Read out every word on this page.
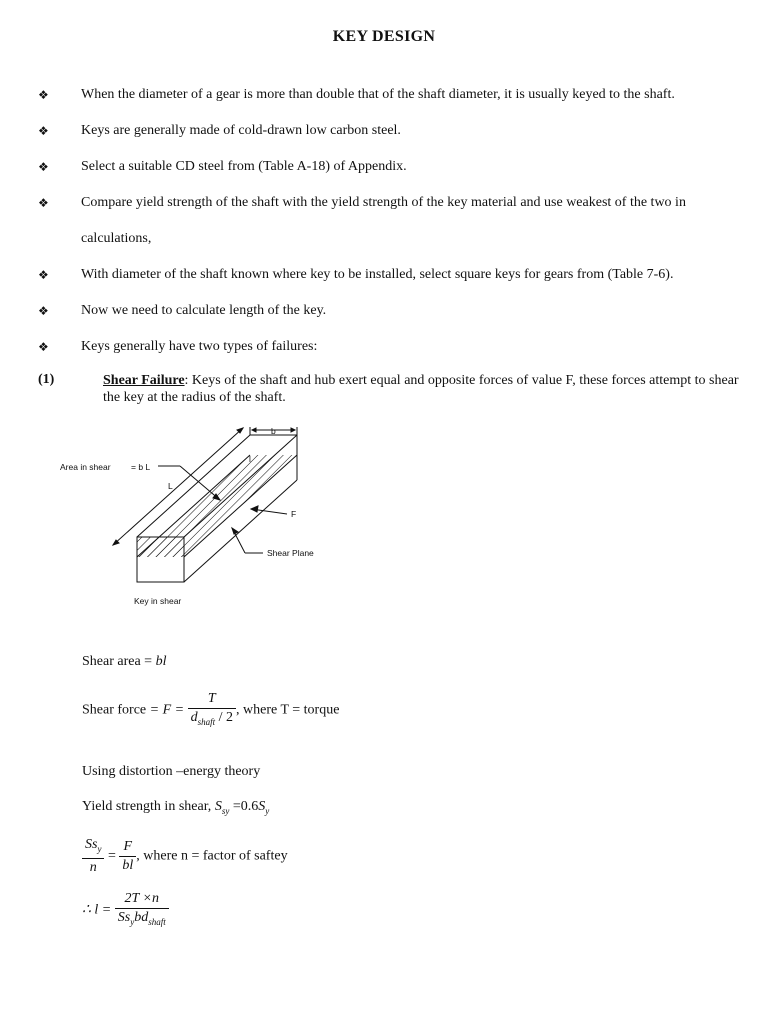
KEY DESIGN
❖	When the diameter of a gear is more than double that of the shaft diameter, it is usually keyed to the shaft.
❖	Keys are generally made of cold-drawn low carbon steel.
❖	Select a suitable CD steel from (Table A-18) of Appendix.
❖	Compare yield strength of the shaft with the yield strength of the key material and use weakest of the two in calculations,
❖	With diameter of the shaft known where key to be installed, select square keys for gears from (Table 7-6).
❖	Now we need to calculate length of the key.
❖	Keys generally have two types of failures:
(1)	Shear Failure: Keys of the shaft and hub exert equal and opposite forces of value F, these forces attempt to shear the key at the radius of the shaft.
b
l
Area in shear = b L
L
F
Shear Plane
Key in shear
Shear area = bl
Shear force = $F = \frac{T}{d_{shaft} / 2}$ , where T = torque
Using distortion –energy theory
Yield strength in shear, $S_{sy} =0.6S_y$
$\frac{Ss_y}{n} = \frac{F}{bl}$ , where n = factor of saftey
∴ $l = \frac{2T \times n}{Ss_ybd_{shaft}}$
